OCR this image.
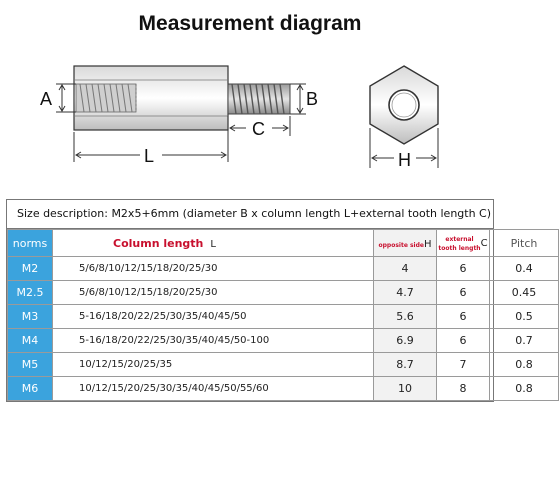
Measurement diagram
A	B
C
L	H
Size description: M2x5+6mm (diameter B x column length L+external tooth length C)
norms	Column length L	opposite sideH	external
tooth lengthC	Pitch
M2	5/6/8/10/12/15/18/20/25/30	4	6	0.4
M2.5	5/6/8/10/12/15/18/20/25/30	4.7	6	0.45
M3	5-16/18/20/22/25/30/35/40/45/50	5.6	6	0.5
M4	5-16/18/20/22/25/30/35/40/45/50-100	6.9	6	0.7
M5	10/12/15/20/25/35	8.7	7	0.8
M6	10/12/15/20/25/30/35/40/45/50/55/60	10	8	0.8
